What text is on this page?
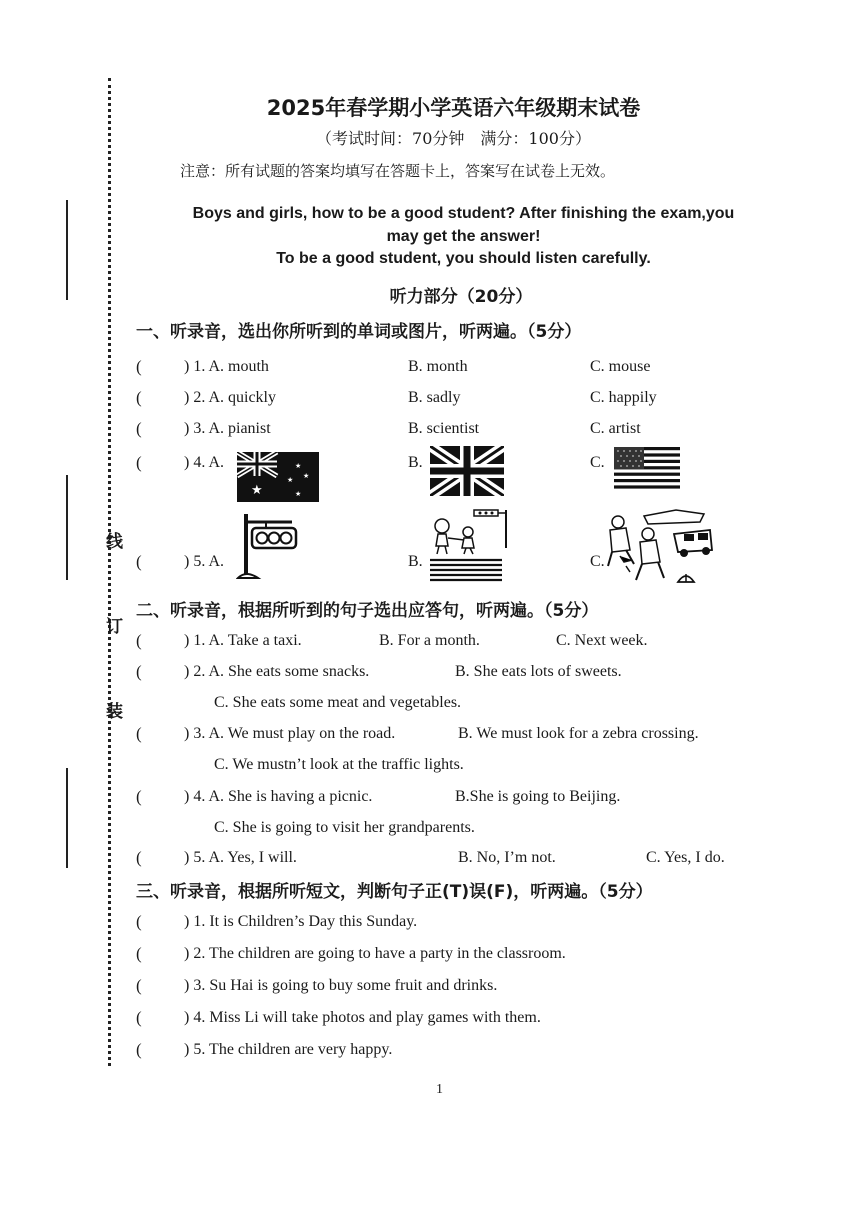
线
订
装
2025年春学期小学英语六年级期末试卷
（考试时间：70分钟　满分：100分）
注意：所有试题的答案均填写在答题卡上，答案写在试卷上无效。
Boys and girls, how to be a good student? After finishing the exam,you
may get the answer!
To be a good student, you should listen carefully.
听力部分（20分）
一、听录音，选出你所听到的单词或图片，听两遍。（5分）
(	) 1. A. mouth	B. month	C. mouse
(	) 2. A. quickly	B. sadly	C. happily
(	) 3. A. pianist	B. scientist	C. artist
(	) 4. A.
★
★
★
★
★
B.	C.
(	) 5. A.	B.	C.
二、听录音，根据所听到的句子选出应答句，听两遍。（5分）
(	) 1. A. Take a taxi.	B. For a month.	C. Next week.
(	) 2. A. She eats some snacks.	B. She eats lots of sweets.
C. She eats some meat and vegetables.
(	) 3. A. We must play on the road.	B. We must look for a zebra crossing.
C. We mustn’t look at the traffic lights.
(	) 4. A. She is having a picnic.	B.She is going to Beijing.
C. She is going to visit her grandparents.
(	) 5. A. Yes, I will.	B. No, I’m not.	C. Yes, I do.
三、听录音，根据所听短文，判断句子正(T)误(F)，听两遍。（5分）
(	) 1. It is Children’s Day this Sunday.
(	) 2. The children are going to have a party in the classroom.
(	) 3. Su Hai is going to buy some fruit and drinks.
(	) 4. Miss Li will take photos and play games with them.
(	) 5. The children are very happy.
1
